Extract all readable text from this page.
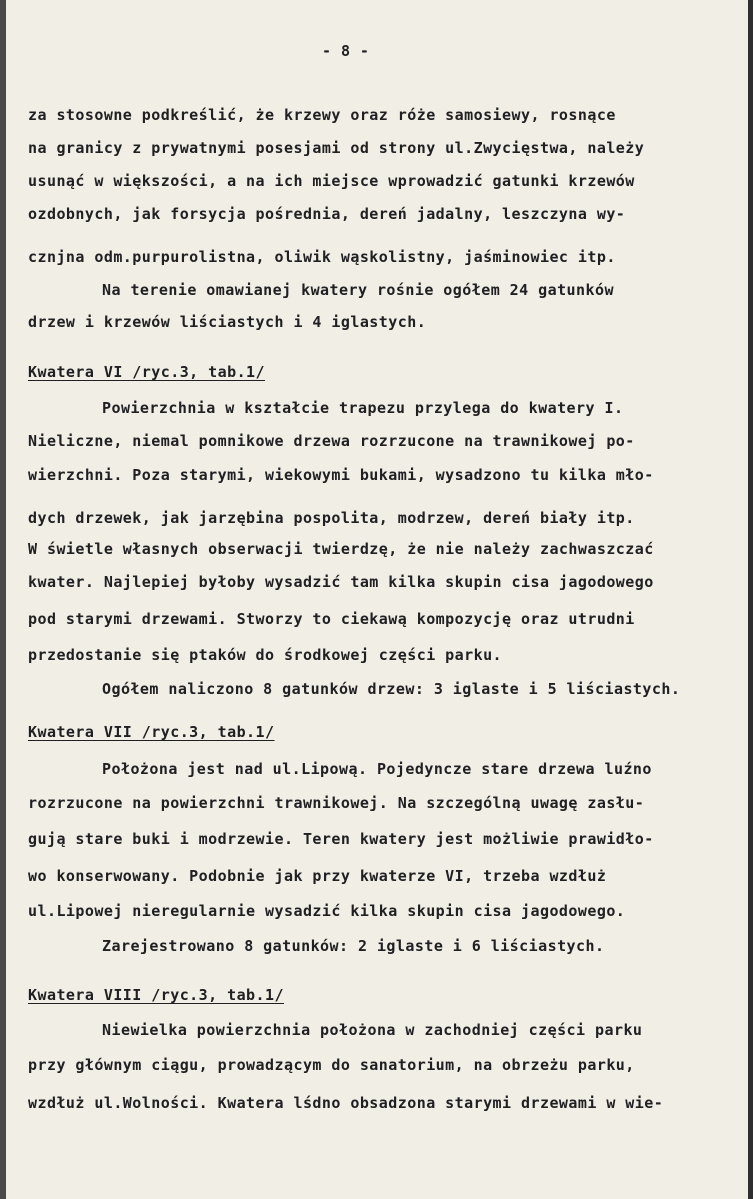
- 8 -
za stosowne podkreślić, że krzewy oraz róże samosiewy, rosnące
na granicy z prywatnymi posesjami od strony ul.Zwycięstwa, należy
usunąć w większości, a na ich miejsce wprowadzić gatunki krzewów
ozdobnych, jak forsycja pośrednia, dereń jadalny, leszczyna wy-
cznjna odm.purpurolistna, oliwik wąskolistny, jaśminowiec itp.
Na terenie omawianej kwatery rośnie ogółem 24 gatunków
drzew i krzewów liściastych i 4 iglastych.
Kwatera VI /ryc.3, tab.1/
Powierzchnia w kształcie trapezu przylega do kwatery I.
Nieliczne, niemal pomnikowe drzewa rozrzucone na trawnikowej po-
wierzchni. Poza starymi, wiekowymi bukami, wysadzono tu kilka mło-
dych drzewek, jak jarzębina pospolita, modrzew, dereń biały itp.
W świetle własnych obserwacji twierdzę, że nie należy zachwaszczać
kwater. Najlepiej byłoby wysadzić tam kilka skupin cisa jagodowego
pod starymi drzewami. Stworzy to ciekawą kompozycję oraz utrudni
przedostanie się ptaków do środkowej części parku.
Ogółem naliczono 8 gatunków drzew: 3 iglaste i 5 liściastych.
Kwatera VII /ryc.3, tab.1/
Położona jest nad ul.Lipową. Pojedyncze stare drzewa luźno
rozrzucone na powierzchni trawnikowej. Na szczególną uwagę zasłu-
gują stare buki i modrzewie. Teren kwatery jest możliwie prawidło-
wo konserwowany. Podobnie jak przy kwaterze VI, trzeba wzdłuż
ul.Lipowej nieregularnie wysadzić kilka skupin cisa jagodowego.
Zarejestrowano 8 gatunków: 2 iglaste i 6 liściastych.
Kwatera VIII /ryc.3, tab.1/
Niewielka powierzchnia położona w zachodniej części parku
przy głównym ciągu, prowadzącym do sanatorium, na obrzeżu parku,
wzdłuż ul.Wolności. Kwatera lśdno obsadzona starymi drzewami w wie-
